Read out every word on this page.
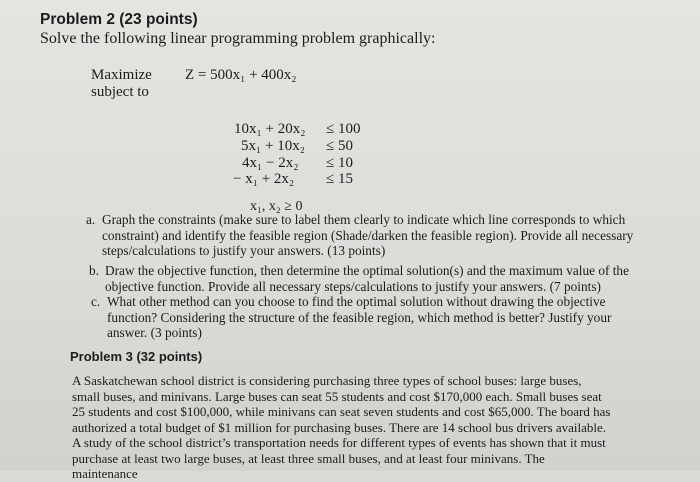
Problem 2 (23 points)
Solve the following linear programming problem graphically:
Maximize Z = 500x₁ + 400x₂
subject to
10x₁ + 20x₂ ≤ 100
5x₁ + 10x₂ ≤ 50
4x₁ − 2x₂ ≤ 10
− x₁ + 2x₂ ≤ 15
x₁, x₂ ≥ 0
a. Graph the constraints (make sure to label them clearly to indicate which line corresponds to which constraint) and identify the feasible region (Shade/darken the feasible region). Provide all necessary steps/calculations to justify your answers. (13 points)
b. Draw the objective function, then determine the optimal solution(s) and the maximum value of the objective function. Provide all necessary steps/calculations to justify your answers. (7 points)
c. What other method can you choose to find the optimal solution without drawing the objective function? Considering the structure of the feasible region, which method is better? Justify your answer. (3 points)
Problem 3 (32 points)
A Saskatchewan school district is considering purchasing three types of school buses: large buses, small buses, and minivans. Large buses can seat 55 students and cost $170,000 each. Small buses seat 25 students and cost $100,000, while minivans can seat seven students and cost $65,000. The board has authorized a total budget of $1 million for purchasing buses. There are 14 school bus drivers available. A study of the school district’s transportation needs for different types of events has shown that it must purchase at least two large buses, at least three small buses, and at least four minivans. The maintenance
